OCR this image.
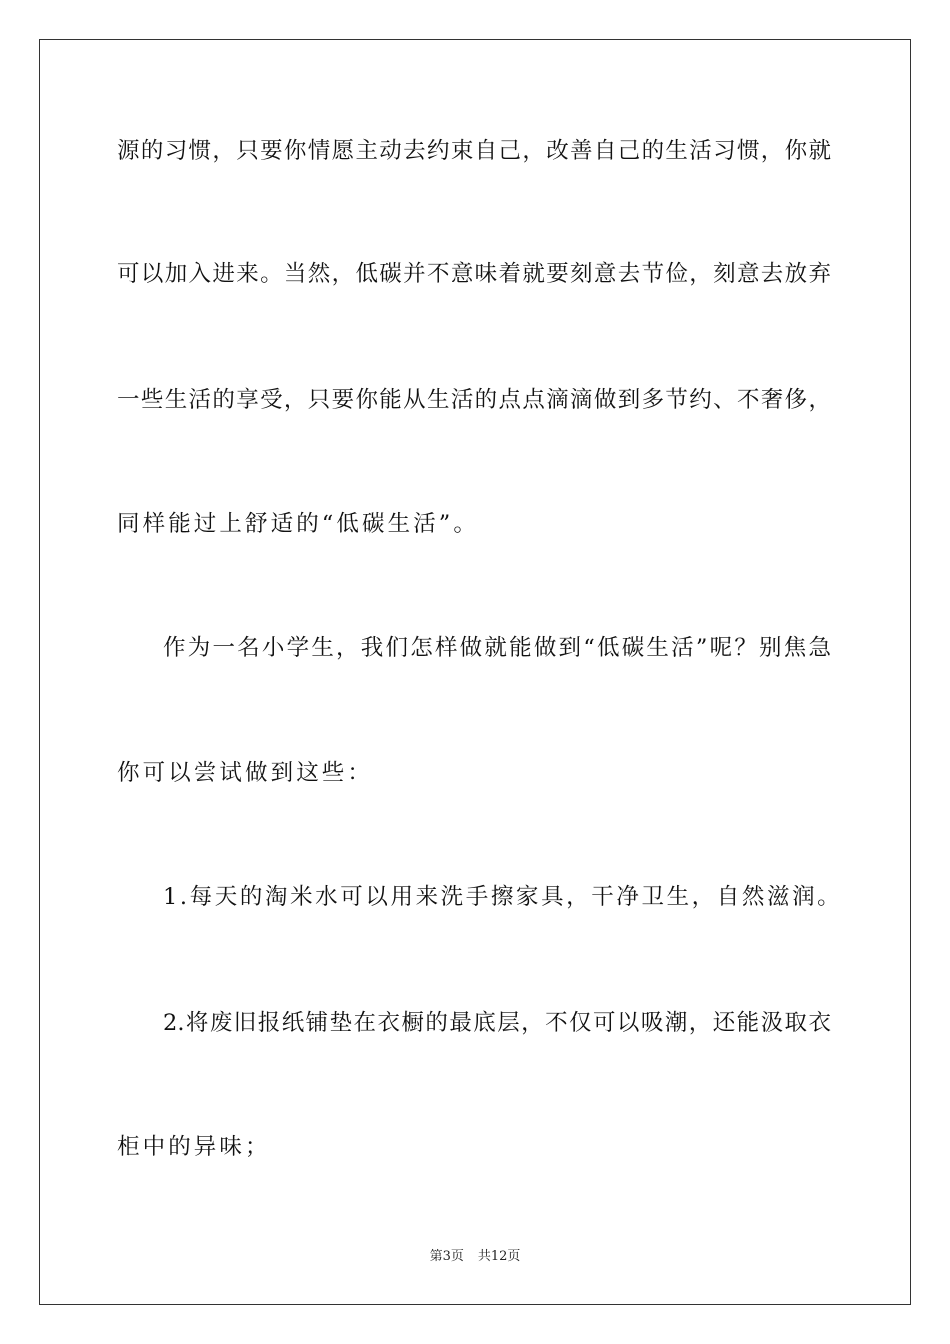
源的习惯，只要你情愿主动去约束自己，改善自己的生活习惯，你就
可以加入进来。当然，低碳并不意味着就要刻意去节俭，刻意去放弃
一些生活的享受，只要你能从生活的点点滴滴做到多节约、不奢侈，
同样能过上舒适的“低碳生活”。
作为一名小学生，我们怎样做就能做到“低碳生活”呢？别焦急
你可以尝试做到这些：
1.每天的淘米水可以用来洗手擦家具，干净卫生，自然滋润。
2.将废旧报纸铺垫在衣橱的最底层，不仅可以吸潮，还能汲取衣
柜中的异味；
第3页 共12页
